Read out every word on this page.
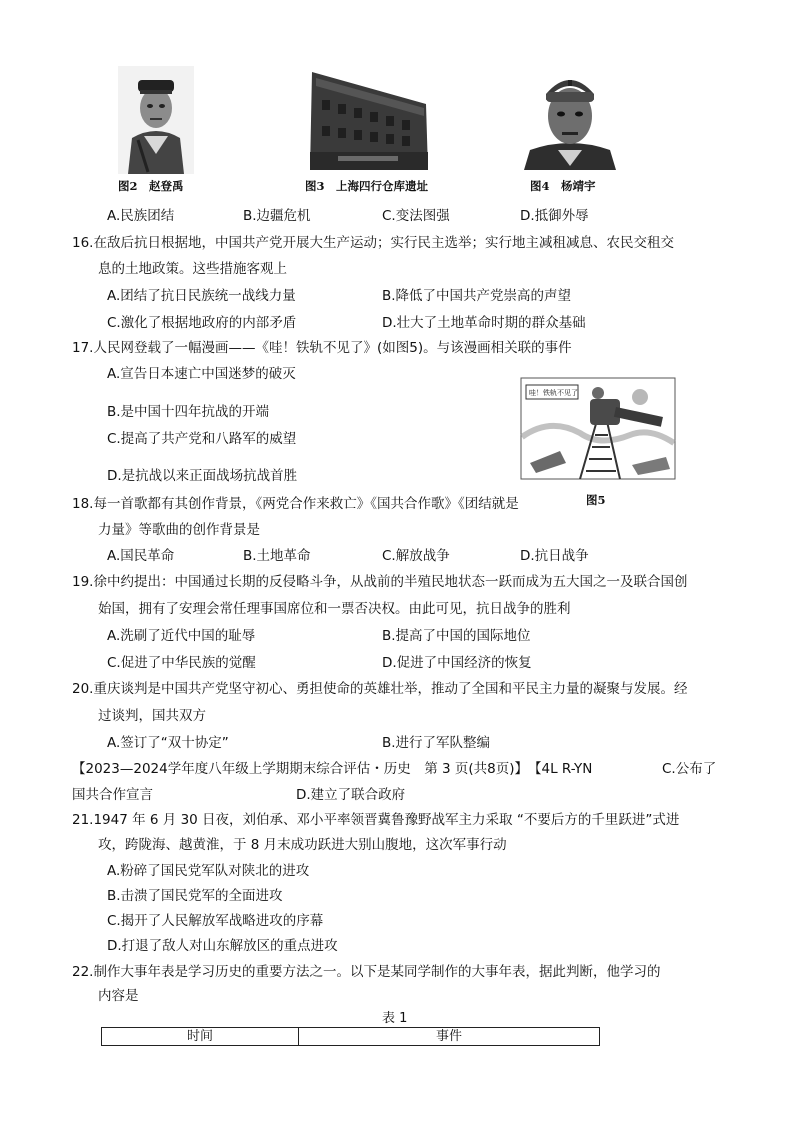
图2　赵登禹	图3　上海四行仓库遗址	图4　杨靖宇
A.民族团结	B.边疆危机	C.变法图强	D.抵御外辱
16.在敌后抗日根据地，中国共产党开展大生产运动；实行民主选举；实行地主减租减息、农民交租交
息的土地政策。这些措施客观上
A.团结了抗日民族统一战线力量	B.降低了中国共产党崇高的声望
C.激化了根据地政府的内部矛盾	D.壮大了土地革命时期的群众基础
17.人民网登载了一幅漫画——《哇！铁轨不见了》(如图5)。与该漫画相关联的事件
A.宣告日本速亡中国迷梦的破灭
B.是中国十四年抗战的开端
C.提高了共产党和八路军的威望
D.是抗战以来正面战场抗战首胜
哇！铁轨不见了
图5
18.每一首歌都有其创作背景，《两党合作来救亡》《国共合作歌》《团结就是
力量》等歌曲的创作背景是
A.国民革命	B.土地革命	C.解放战争	D.抗日战争
19.徐中约提出：中国通过长期的反侵略斗争，从战前的半殖民地状态一跃而成为五大国之一及联合国创
始国，拥有了安理会常任理事国席位和一票否决权。由此可见，抗日战争的胜利
A.洗刷了近代中国的耻辱	B.提高了中国的国际地位
C.促进了中华民族的觉醒	D.促进了中国经济的恢复
20.重庆谈判是中国共产党坚守初心、勇担使命的英雄壮举，推动了全国和平民主力量的凝聚与发展。经
过谈判，国共双方
A.签订了“双十协定”	B.进行了军队整编
【2023—2024学年度八年级上学期期末综合评估・历史　第 3 页(共8页)】　【4L R-YN	C.公布了
国共合作宣言	D.建立了联合政府
21.1947 年 6 月 30 日夜，刘伯承、邓小平率领晋冀鲁豫野战军主力采取 “不要后方的千里跃进”式进
攻，跨陇海、越黄淮，于 8 月末成功跃进大别山腹地，这次军事行动
A.粉碎了国民党军队对陕北的进攻
B.击溃了国民党军的全面进攻
C.揭开了人民解放军战略进攻的序幕
D.打退了敌人对山东解放区的重点进攻
22.制作大事年表是学习历史的重要方法之一。以下是某同学制作的大事年表，据此判断，他学习的
内容是
表 1
时间	事件
